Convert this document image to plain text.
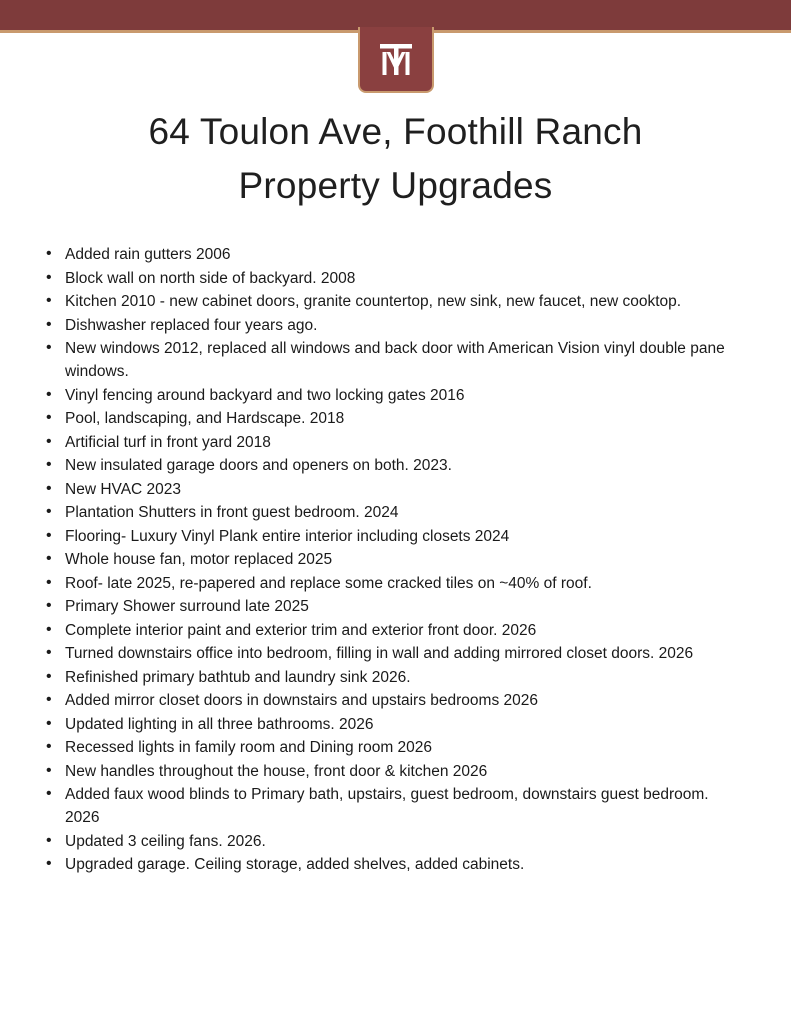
64 Toulon Ave, Foothill Ranch
Property Upgrades
• Added rain gutters 2006
• Block wall on north side of backyard. 2008
• Kitchen 2010 - new cabinet doors, granite countertop, new sink, new faucet, new cooktop.
• Dishwasher replaced four years ago.
• New windows 2012, replaced all windows and back door with American Vision vinyl double pane windows.
• Vinyl fencing around backyard and two locking gates 2016
• Pool, landscaping, and Hardscape. 2018
• Artificial turf in front yard 2018
• New insulated garage doors and openers on both. 2023.
• New HVAC 2023
• Plantation Shutters in front guest bedroom. 2024
• Flooring- Luxury Vinyl Plank entire interior including closets 2024
• Whole house fan, motor replaced 2025
• Roof- late 2025, re-papered and replace some cracked tiles on ~40% of roof.
• Primary Shower surround late 2025
• Complete interior paint and exterior trim and exterior front door. 2026
• Turned downstairs office into bedroom, filling in wall and adding mirrored closet doors. 2026
• Refinished primary bathtub and laundry sink 2026.
• Added mirror closet doors in downstairs and upstairs bedrooms 2026
• Updated lighting in all three bathrooms. 2026
• Recessed lights in family room and Dining room 2026
• New handles throughout the house, front door & kitchen 2026
• Added faux wood blinds to Primary bath, upstairs, guest bedroom, downstairs guest bedroom. 2026
• Updated 3 ceiling fans. 2026.
• Upgraded garage. Ceiling storage, added shelves, added cabinets.
